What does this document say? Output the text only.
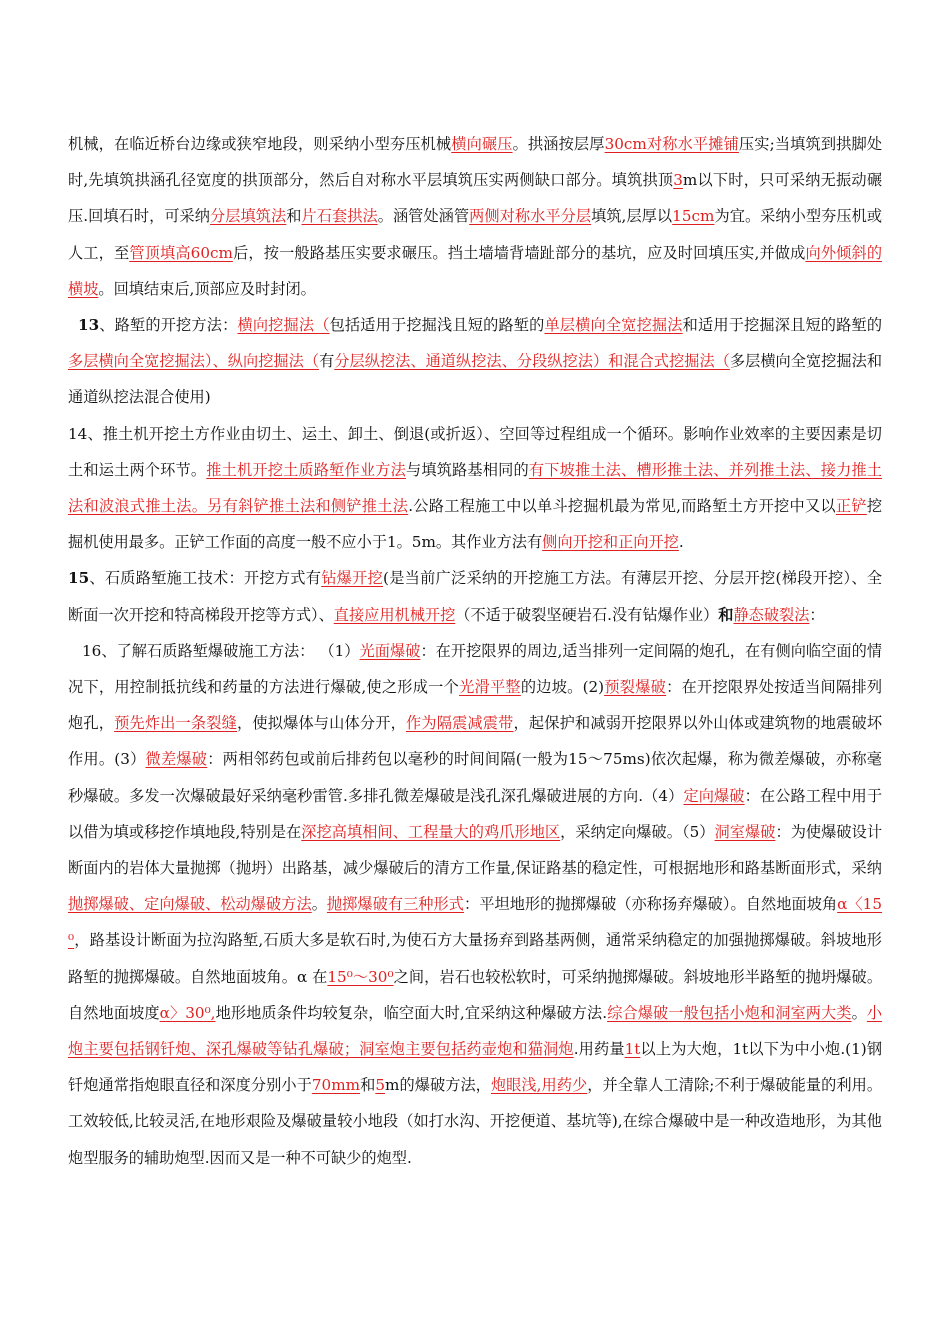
机械，在临近桥台边缘或狭窄地段，则采纳小型夯压机械横向碾压。拱涵按层厚30cm对称水平摊铺压实;当填筑到拱脚处时,先填筑拱涵孔径宽度的拱顶部分，然后自对称水平层填筑压实两侧缺口部分。填筑拱顶3m以下时，只可采纳无振动碾压.回填石时，可采纳分层填筑法和片石套拱法。涵管处涵管两侧对称水平分层填筑,层厚以15cm为宜。采纳小型夯压机或人工，至管顶填高60cm后，按一般路基压实要求碾压。挡土墙墙背墙趾部分的基坑，应及时回填压实,并做成向外倾斜的横坡。回填结束后,顶部应及时封闭。

13、路堑的开挖方法：横向挖掘法（包括适用于挖掘浅且短的路堑的单层横向全宽挖掘法和适用于挖掘深且短的路堑的多层横向全宽挖掘法）、纵向挖掘法（有分层纵挖法、通道纵挖法、分段纵挖法）和混合式挖掘法（多层横向全宽挖掘法和通道纵挖法混合使用)

14、推土机开挖土方作业由切土、运土、卸土、倒退(或折返）、空回等过程组成一个循环。影响作业效率的主要因素是切土和运土两个环节。推土机开挖土质路堑作业方法与填筑路基相同的有下坡推土法、槽形推土法、并列推土法、接力推土法和波浪式推土法。另有斜铲推土法和侧铲推土法.公路工程施工中以单斗挖掘机最为常见,而路堑土方开挖中又以正铲挖掘机使用最多。正铲工作面的高度一般不应小于1。5m。其作业方法有侧向开挖和正向开挖.

15、石质路堑施工技术：开挖方式有钻爆开挖(是当前广泛采纳的开挖施工方法。有薄层开挖、分层开挖(梯段开挖）、全断面一次开挖和特高梯段开挖等方式）、直接应用机械开挖（不适于破裂坚硬岩石.没有钻爆作业）和静态破裂法：

16、了解石质路堑爆破施工方法： （1）光面爆破：在开挖限界的周边,适当排列一定间隔的炮孔，在有侧向临空面的情况下，用控制抵抗线和药量的方法进行爆破,使之形成一个光滑平整的边坡。(2)预裂爆破：在开挖限界处按适当间隔排列炮孔，预先炸出一条裂缝，使拟爆体与山体分开，作为隔震减震带，起保护和减弱开挖限界以外山体或建筑物的地震破坏作用。(3）微差爆破：两相邻药包或前后排药包以毫秒的时间间隔(一般为15～75ms)依次起爆，称为微差爆破，亦称毫秒爆破。多发一次爆破最好采纳毫秒雷管.多排孔微差爆破是浅孔深孔爆破进展的方向.（4）定向爆破：在公路工程中用于以借为填或移挖作填地段,特别是在深挖高填相间、工程量大的鸡爪形地区，采纳定向爆破。（5）洞室爆破：为使爆破设计断面内的岩体大量抛掷（抛坍）出路基，减少爆破后的清方工作量,保证路基的稳定性，可根据地形和路基断面形式，采纳抛掷爆破、定向爆破、松动爆破方法。抛掷爆破有三种形式：平坦地形的抛掷爆破（亦称扬弃爆破）。自然地面坡角α〈15⁰，路基设计断面为拉沟路堑,石质大多是软石时,为使石方大量扬弃到路基两侧，通常采纳稳定的加强抛掷爆破。斜坡地形路堑的抛掷爆破。自然地面坡角。α 在15⁰～30⁰之间，岩石也较松软时，可采纳抛掷爆破。斜坡地形半路堑的抛坍爆破。自然地面坡度α〉30⁰,地形地质条件均较复杂，临空面大时,宜采纳这种爆破方法.综合爆破一般包括小炮和洞室两大类。小炮主要包括钢钎炮、深孔爆破等钻孔爆破；洞室炮主要包括药壶炮和猫洞炮.用药量1t以上为大炮，1t以下为中小炮.(1)钢钎炮通常指炮眼直径和深度分别小于70mm和5m的爆破方法，炮眼浅,用药少，并全靠人工清除;不利于爆破能量的利用。工效较低,比较灵活,在地形艰险及爆破量较小地段（如打水沟、开挖便道、基坑等),在综合爆破中是一种改造地形，为其他炮型服务的辅助炮型.因而又是一种不可缺少的炮型.
